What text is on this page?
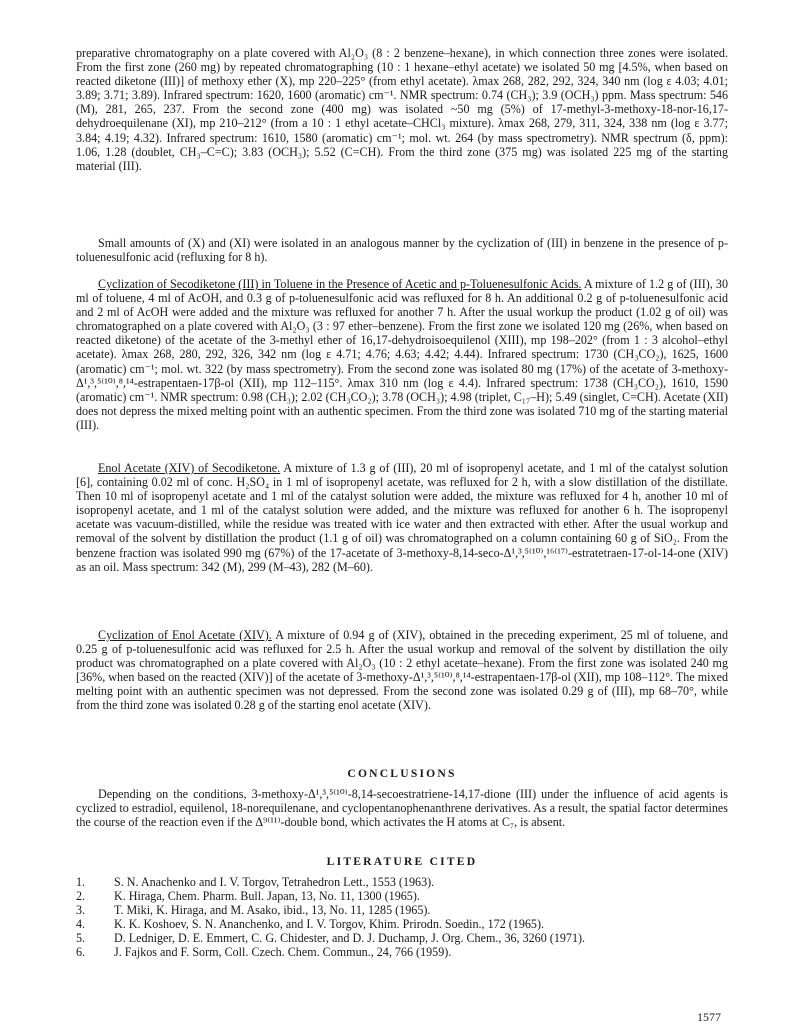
preparative chromatography on a plate covered with Al₂O₃ (8 : 2 benzene–hexane), in which connection three zones were isolated. From the first zone (260 mg) by repeated chromatographing (10 : 1 hexane–ethyl acetate) we isolated 50 mg [4.5%, when based on reacted diketone (III)] of methoxy ether (X), mp 220–225° (from ethyl acetate). λmax 268, 282, 292, 324, 340 nm (log ε 4.03; 4.01; 3.89; 3.71; 3.89). Infrared spectrum: 1620, 1600 (aromatic) cm⁻¹. NMR spectrum: 0.74 (CH₃); 3.9 (OCH₃) ppm. Mass spectrum: 546 (M), 281, 265, 237. From the second zone (400 mg) was isolated ~50 mg (5%) of 17-methyl-3-methoxy-18-nor-16,17-dehydroequilenane (XI), mp 210–212° (from a 10 : 1 ethyl acetate–CHCl₃ mixture). λmax 268, 279, 311, 324, 338 nm (log ε 3.77; 3.84; 4.19; 4.32). Infrared spectrum: 1610, 1580 (aromatic) cm⁻¹; mol. wt. 264 (by mass spectrometry). NMR spectrum (δ, ppm): 1.06, 1.28 (doublet, CH₃–C=C); 3.83 (OCH₃); 5.52 (C=CH). From the third zone (375 mg) was isolated 225 mg of the starting material (III).

Small amounts of (X) and (XI) were isolated in an analogous manner by the cyclization of (III) in benzene in the presence of p-toluenesulfonic acid (refluxing for 8 h).

Cyclization of Secodiketone (III) in Toluene in the Presence of Acetic and p-Toluenesulfonic Acids. A mixture of 1.2 g of (III), 30 ml of toluene, 4 ml of AcOH, and 0.3 g of p-toluenesulfonic acid was refluxed for 8 h. An additional 0.2 g of p-toluenesulfonic acid and 2 ml of AcOH were added and the mixture was refluxed for another 7 h. After the usual workup the product (1.02 g of oil) was chromatographed on a plate covered with Al₂O₃ (3 : 97 ether–benzene). From the first zone we isolated 120 mg (26%, when based on reacted diketone) of the acetate of the 3-methyl ether of 16,17-dehydroisoequilenol (XIII), mp 198–202° (from 1 : 3 alcohol–ethyl acetate). λmax 268, 280, 292, 326, 342 nm (log ε 4.71; 4.76; 4.63; 4.42; 4.44). Infrared spectrum: 1730 (CH₃CO₂), 1625, 1600 (aromatic) cm⁻¹; mol. wt. 322 (by mass spectrometry). From the second zone was isolated 80 mg (17%) of the acetate of 3-methoxy-Δ¹,³,⁵⁽¹⁰⁾,⁸,¹⁴-estrapentaen-17β-ol (XII), mp 112–115°. λmax 310 nm (log ε 4.4). Infrared spectrum: 1738 (CH₃CO₂), 1610, 1590 (aromatic) cm⁻¹. NMR spectrum: 0.98 (CH₃); 2.02 (CH₃CO₂); 3.78 (OCH₃); 4.98 (triplet, C₁₇–H); 5.49 (singlet, C=CH). Acetate (XII) does not depress the mixed melting point with an authentic specimen. From the third zone was isolated 710 mg of the starting material (III).

Enol Acetate (XIV) of Secodiketone. A mixture of 1.3 g of (III), 20 ml of isopropenyl acetate, and 1 ml of the catalyst solution [6], containing 0.02 ml of conc. H₂SO₄ in 1 ml of isopropenyl acetate, was refluxed for 2 h, with a slow distillation of the distillate. Then 10 ml of isopropenyl acetate and 1 ml of the catalyst solution were added, the mixture was refluxed for 4 h, another 10 ml of isopropenyl acetate, and 1 ml of the catalyst solution were added, and the mixture was refluxed for another 6 h. The isopropenyl acetate was vacuum-distilled, while the residue was treated with ice water and then extracted with ether. After the usual workup and removal of the solvent by distillation the product (1.1 g of oil) was chromatographed on a column containing 60 g of SiO₂. From the benzene fraction was isolated 990 mg (67%) of the 17-acetate of 3-methoxy-8,14-seco-Δ¹,³,⁵⁽¹⁰⁾,¹⁶⁽¹⁷⁾-estratetraen-17-ol-14-one (XIV) as an oil. Mass spectrum: 342 (M), 299 (M–43), 282 (M–60).

Cyclization of Enol Acetate (XIV). A mixture of 0.94 g of (XIV), obtained in the preceding experiment, 25 ml of toluene, and 0.25 g of p-toluenesulfonic acid was refluxed for 2.5 h. After the usual workup and removal of the solvent by distillation the oily product was chromatographed on a plate covered with Al₂O₃ (10 : 2 ethyl acetate–hexane). From the first zone was isolated 240 mg [36%, when based on the reacted (XIV)] of the acetate of 3-methoxy-Δ¹,³,⁵⁽¹⁰⁾,⁸,¹⁴-estrapentaen-17β-ol (XII), mp 108–112°. The mixed melting point with an authentic specimen was not depressed. From the second zone was isolated 0.29 g of (III), mp 68–70°, while from the third zone was isolated 0.28 g of the starting enol acetate (XIV).

CONCLUSIONS

Depending on the conditions, 3-methoxy-Δ¹,³,⁵⁽¹⁰⁾-8,14-secoestratriene-14,17-dione (III) under the influence of acid agents is cyclized to estradiol, equilenol, 18-norequilenane, and cyclopentanophenanthrene derivatives. As a result, the spatial factor determines the course of the reaction even if the Δ⁹⁽¹¹⁾-double bond, which activates the H atoms at C₇, is absent.

LITERATURE CITED
1. S. N. Anachenko and I. V. Torgov, Tetrahedron Lett., 1553 (1963).
2. K. Hiraga, Chem. Pharm. Bull. Japan, 13, No. 11, 1300 (1965).
3. T. Miki, K. Hiraga, and M. Asako, ibid., 13, No. 11, 1285 (1965).
4. K. K. Koshoev, S. N. Ananchenko, and I. V. Torgov, Khim. Prirodn. Soedin., 172 (1965).
5. D. Ledniger, D. E. Emmert, C. G. Chidester, and D. J. Duchamp, J. Org. Chem., 36, 3260 (1971).
6. J. Fajkos and F. Sorm, Coll. Czech. Chem. Commun., 24, 766 (1959).
1577
